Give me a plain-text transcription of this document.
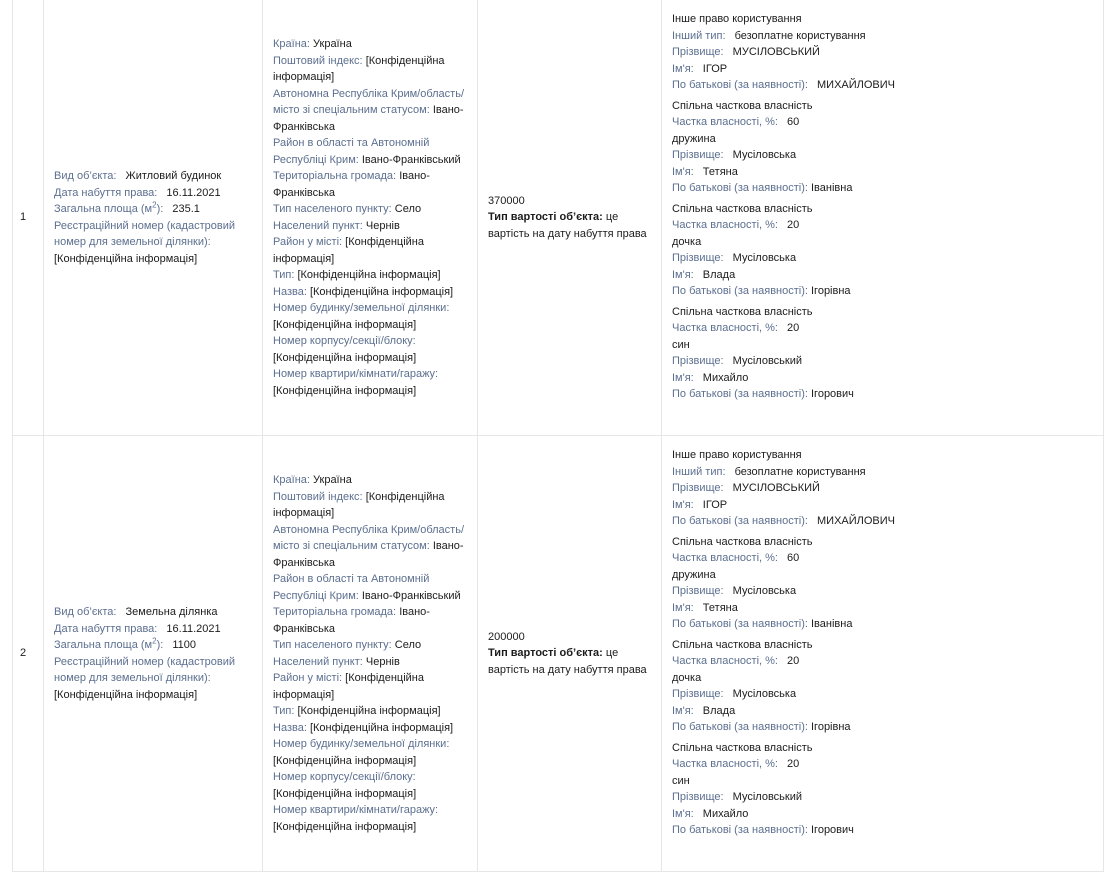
1
Вид об’єкта: Житловий будинок
Дата набуття права: 16.11.2021
Загальна площа $(м^2)$: 235.1
Реєстраційний номер (кадастровий номер для земельної ділянки): [Конфіденційна інформація]
Країна: Україна
Поштовий індекс: [Конфіденційна інформація]
Автономна Республіка Крим/область/ місто зі спеціальним статусом: Івано-Франківська
Район в області та Автономній Республіці Крим: Івано-Франківський
Територіальна громада: Івано-Франківська
Тип населеного пункту: Село
Населений пункт: Чернів
Район у місті: [Конфіденційна інформація]
Тип: [Конфіденційна інформація]
Назва: [Конфіденційна інформація]
Номер будинку/земельної ділянки:
[Конфіденційна інформація]
Номер корпусу/секції/блоку:
[Конфіденційна інформація]
Номер квартири/кімнати/гаражу:
[Конфіденційна інформація]
370000
Тип вартості об’єкта: це вартість на дату набуття права
Інше право користування
Інший тип: безоплатне користування
Прізвище: МУСІЛОВСЬКИЙ
Ім'я: ІГОР
По батькові (за наявності): МИХАЙЛОВИЧ
Спільна часткова власність
Частка власності, %: 60
дружина
Прізвище: Мусіловська
Ім'я: Тетяна
По батькові (за наявності): Іванівна
Спільна часткова власність
Частка власності, %: 20
дочка
Прізвище: Мусіловська
Ім'я: Влада
По батькові (за наявності): Ігорівна
Спільна часткова власність
Частка власності, %: 20
син
Прізвище: Мусіловський
Ім'я: Михайло
По батькові (за наявності): Ігорович
2
Вид об’єкта: Земельна ділянка
Дата набуття права: 16.11.2021
Загальна площа $(м^2)$: 1100
Реєстраційний номер (кадастровий номер для земельної ділянки): [Конфіденційна інформація]
Країна: Україна
Поштовий індекс: [Конфіденційна інформація]
Автономна Республіка Крим/область/ місто зі спеціальним статусом: Івано-Франківська
Район в області та Автономній Республіці Крим: Івано-Франківський
Територіальна громада: Івано-Франківська
Тип населеного пункту: Село
Населений пункт: Чернів
Район у місті: [Конфіденційна інформація]
Тип: [Конфіденційна інформація]
Назва: [Конфіденційна інформація]
Номер будинку/земельної ділянки:
[Конфіденційна інформація]
Номер корпусу/секції/блоку:
[Конфіденційна інформація]
Номер квартири/кімнати/гаражу:
[Конфіденційна інформація]
200000
Тип вартості об’єкта: це вартість на дату набуття права
Інше право користування
Інший тип: безоплатне користування
Прізвище: МУСІЛОВСЬКИЙ
Ім'я: ІГОР
По батькові (за наявності): МИХАЙЛОВИЧ
Спільна часткова власність
Частка власності, %: 60
дружина
Прізвище: Мусіловська
Ім'я: Тетяна
По батькові (за наявності): Іванівна
Спільна часткова власність
Частка власності, %: 20
дочка
Прізвище: Мусіловська
Ім'я: Влада
По батькові (за наявності): Ігорівна
Спільна часткова власність
Частка власності, %: 20
син
Прізвище: Мусіловський
Ім'я: Михайло
По батькові (за наявності): Ігорович
